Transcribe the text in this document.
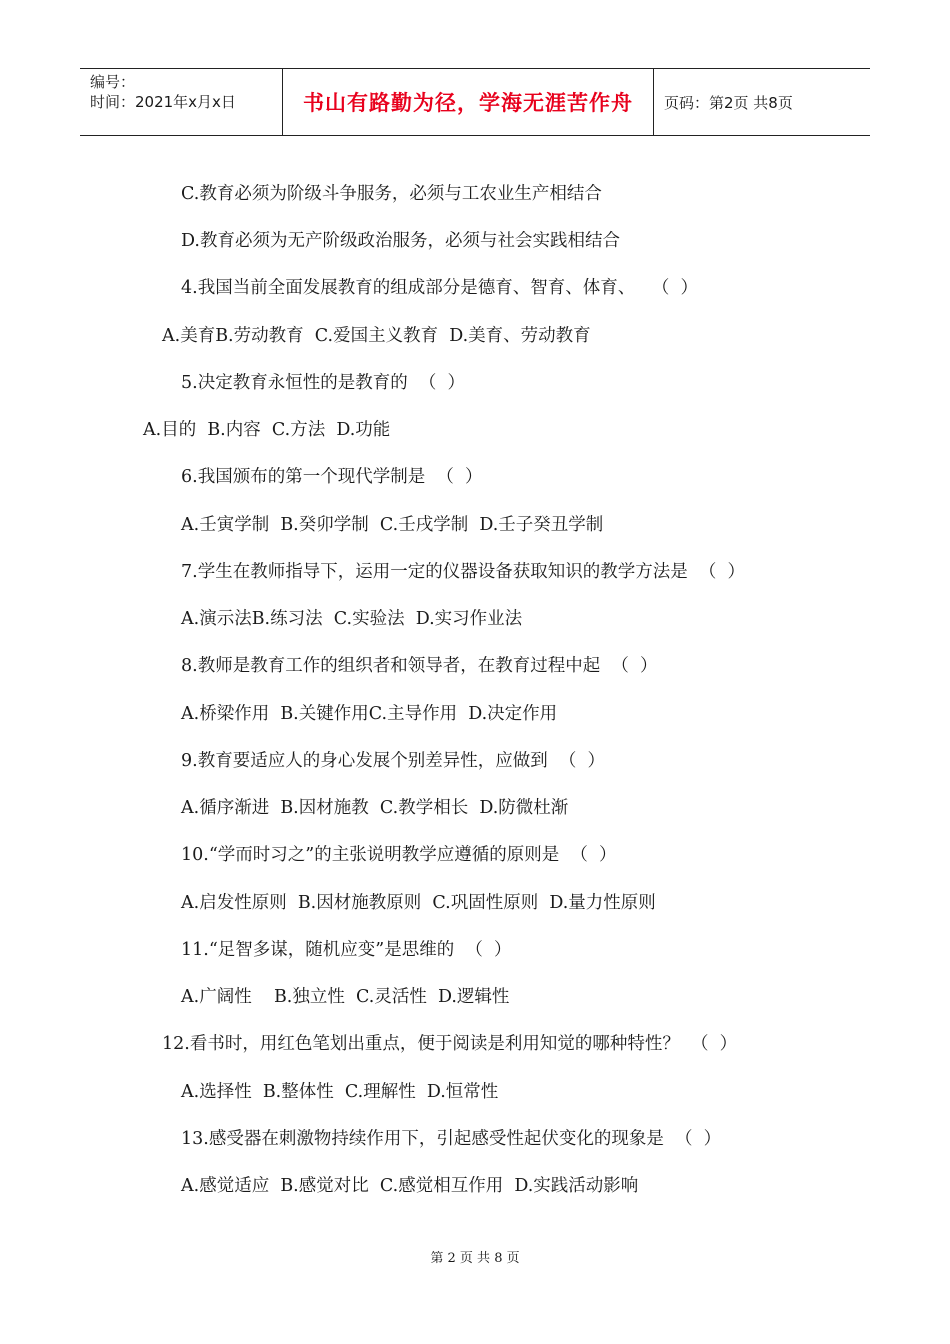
编号：
时间：2021年x月x日	书山有路勤为径，学海无涯苦作舟	页码：第2页 共8页
C.教育必须为阶级斗争服务，必须与工农业生产相结合
D.教育必须为无产阶级政治服务，必须与社会实践相结合
4.我国当前全面发展教育的组成部分是德育、智育、体育、   （  ）
A.美育B.劳动教育  C.爱国主义教育  D.美育、劳动教育
5.决定教育永恒性的是教育的  （  ）
A.目的  B.内容  C.方法  D.功能
6.我国颁布的第一个现代学制是  （  ）
A.壬寅学制  B.癸卯学制  C.壬戌学制  D.壬子癸丑学制
7.学生在教师指导下，运用一定的仪器设备获取知识的教学方法是  （  ）
A.演示法B.练习法  C.实验法  D.实习作业法
8.教师是教育工作的组织者和领导者，在教育过程中起  （  ）
A.桥梁作用  B.关键作用C.主导作用  D.决定作用
9.教育要适应人的身心发展个别差异性，应做到  （  ）
A.循序渐进  B.因材施教  C.教学相长  D.防微杜渐
10.“学而时习之”的主张说明教学应遵循的原则是  （  ）
A.启发性原则  B.因材施教原则  C.巩固性原则  D.量力性原则
11.“足智多谋，随机应变”是思维的  （  ）
A.广阔性    B.独立性  C.灵活性  D.逻辑性
12.看书时，用红色笔划出重点，便于阅读是利用知觉的哪种特性？  （  ）
A.选择性  B.整体性  C.理解性  D.恒常性
13.感受器在刺激物持续作用下，引起感受性起伏变化的现象是  （  ）
A.感觉适应  B.感觉对比  C.感觉相互作用  D.实践活动影响
第 2 页 共 8 页
